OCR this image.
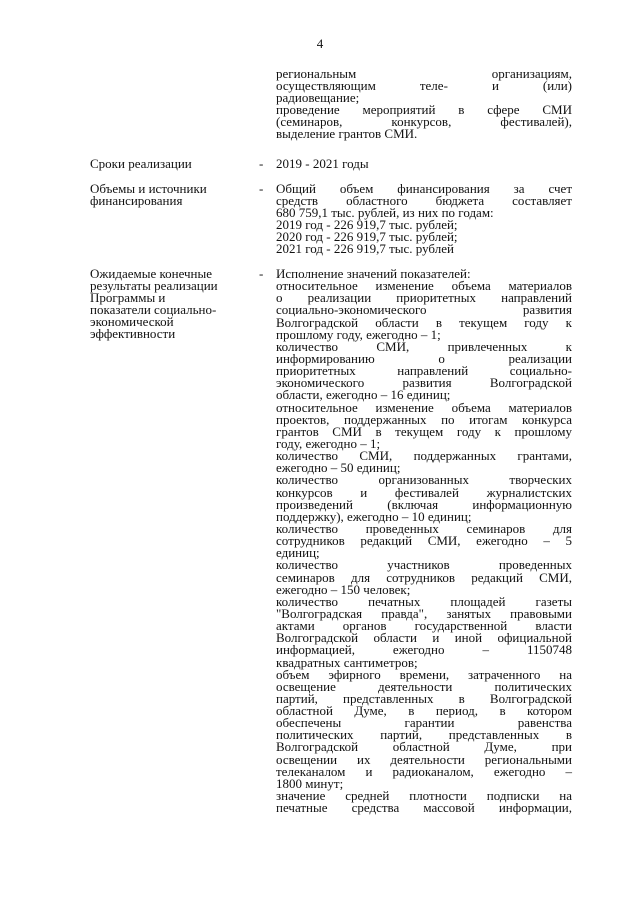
4
региональным организациям,
осуществляющим теле- и (или)
радиовещание;
проведение мероприятий в сфере СМИ
(семинаров, конкурсов, фестивалей),
выделение грантов СМИ.
Сроки реализации	- 2019 - 2021 годы
Объемы и источники
финансирования
- Общий объем финансирования за счет
средств областного бюджета составляет
680 759,1 тыс. рублей, из них по годам:
2019 год - 226 919,7 тыс. рублей;
2020 год - 226 919,7 тыс. рублей;
2021 год - 226 919,7 тыс. рублей
Ожидаемые конечные
результаты реализации
Программы и
показатели социально-
экономической
эффективности
- Исполнение значений показателей:
относительное изменение объема материалов
о реализации приоритетных направлений
социально-экономического развития
Волгоградской области в текущем году к
прошлому году, ежегодно – 1;
количество СМИ, привлеченных к
информированию о реализации
приоритетных направлений социально-
экономического развития Волгоградской
области, ежегодно – 16 единиц;
относительное изменение объема материалов
проектов, поддержанных по итогам конкурса
грантов СМИ в текущем году к прошлому
году, ежегодно – 1;
количество СМИ, поддержанных грантами,
ежегодно – 50 единиц;
количество организованных творческих
конкурсов и фестивалей журналистских
произведений (включая информационную
поддержку), ежегодно – 10 единиц;
количество проведенных семинаров для
сотрудников редакций СМИ, ежегодно – 5
единиц;
количество участников проведенных
семинаров для сотрудников редакций СМИ,
ежегодно – 150 человек;
количество печатных площадей газеты
"Волгоградская правда", занятых правовыми
актами органов государственной власти
Волгоградской области и иной официальной
информацией, ежегодно – 1150748
квадратных сантиметров;
объем эфирного времени, затраченного на
освещение деятельности политических
партий, представленных в Волгоградской
областной Думе, в период, в котором
обеспечены гарантии равенства
политических партий, представленных в
Волгоградской областной Думе, при
освещении их деятельности региональными
телеканалом и радиоканалом, ежегодно –
1800 минут;
значение средней плотности подписки на
печатные средства массовой информации,
